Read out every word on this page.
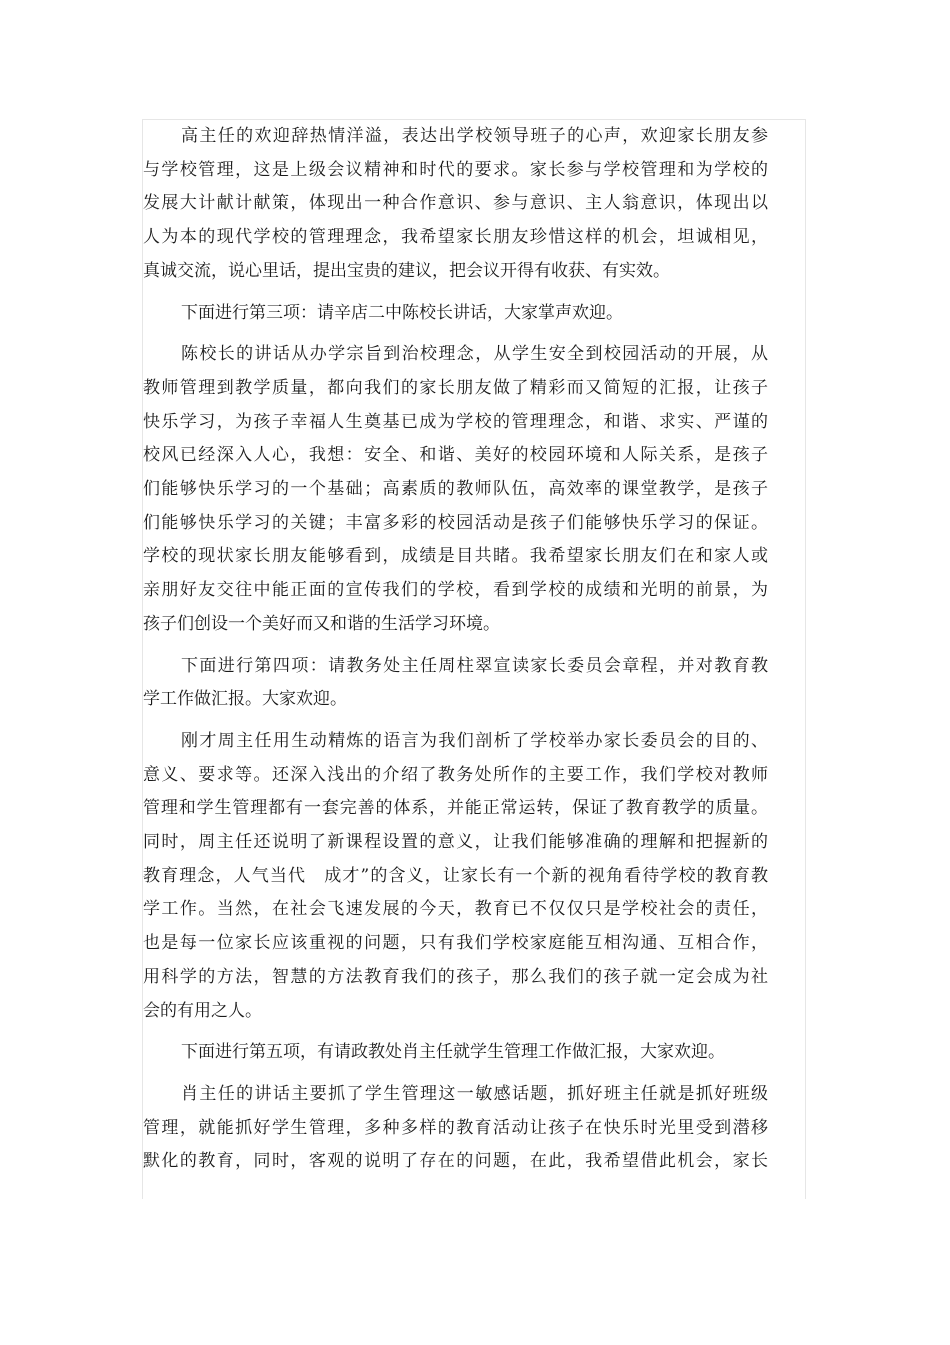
高主任的欢迎辞热情洋溢，表达出学校领导班子的心声，欢迎家长朋友参
与学校管理，这是上级会议精神和时代的要求。家长参与学校管理和为学校的
发展大计献计献策，体现出一种合作意识、参与意识、主人翁意识，体现出以
人为本的现代学校的管理理念，我希望家长朋友珍惜这样的机会，坦诚相见，
真诚交流，说心里话，提出宝贵的建议，把会议开得有收获、有实效。
下面进行第三项：请辛店二中陈校长讲话，大家掌声欢迎。
陈校长的讲话从办学宗旨到治校理念，从学生安全到校园活动的开展，从
教师管理到教学质量，都向我们的家长朋友做了精彩而又简短的汇报，让孩子
快乐学习，为孩子幸福人生奠基已成为学校的管理理念，和谐、求实、严谨的
校风已经深入人心，我想：安全、和谐、美好的校园环境和人际关系，是孩子
们能够快乐学习的一个基础；高素质的教师队伍，高效率的课堂教学，是孩子
们能够快乐学习的关键；丰富多彩的校园活动是孩子们能够快乐学习的保证。
学校的现状家长朋友能够看到，成绩是目共睹。我希望家长朋友们在和家人或
亲朋好友交往中能正面的宣传我们的学校，看到学校的成绩和光明的前景，为
孩子们创设一个美好而又和谐的生活学习环境。
下面进行第四项：请教务处主任周柱翠宣读家长委员会章程，并对教育教
学工作做汇报。大家欢迎。
刚才周主任用生动精炼的语言为我们剖析了学校举办家长委员会的目的、
意义、要求等。还深入浅出的介绍了教务处所作的主要工作，我们学校对教师
管理和学生管理都有一套完善的体系，并能正常运转，保证了教育教学的质量。
同时，周主任还说明了新课程设置的意义，让我们能够准确的理解和把握新的
教育理念，人气当代　成才”的含义，让家长有一个新的视角看待学校的教育教
学工作。当然，在社会飞速发展的今天，教育已不仅仅只是学校社会的责任，
也是每一位家长应该重视的问题，只有我们学校家庭能互相沟通、互相合作，
用科学的方法，智慧的方法教育我们的孩子，那么我们的孩子就一定会成为社
会的有用之人。
下面进行第五项，有请政教处肖主任就学生管理工作做汇报，大家欢迎。
肖主任的讲话主要抓了学生管理这一敏感话题，抓好班主任就是抓好班级
管理，就能抓好学生管理，多种多样的教育活动让孩子在快乐时光里受到潜移
默化的教育，同时，客观的说明了存在的问题，在此，我希望借此机会，家长
